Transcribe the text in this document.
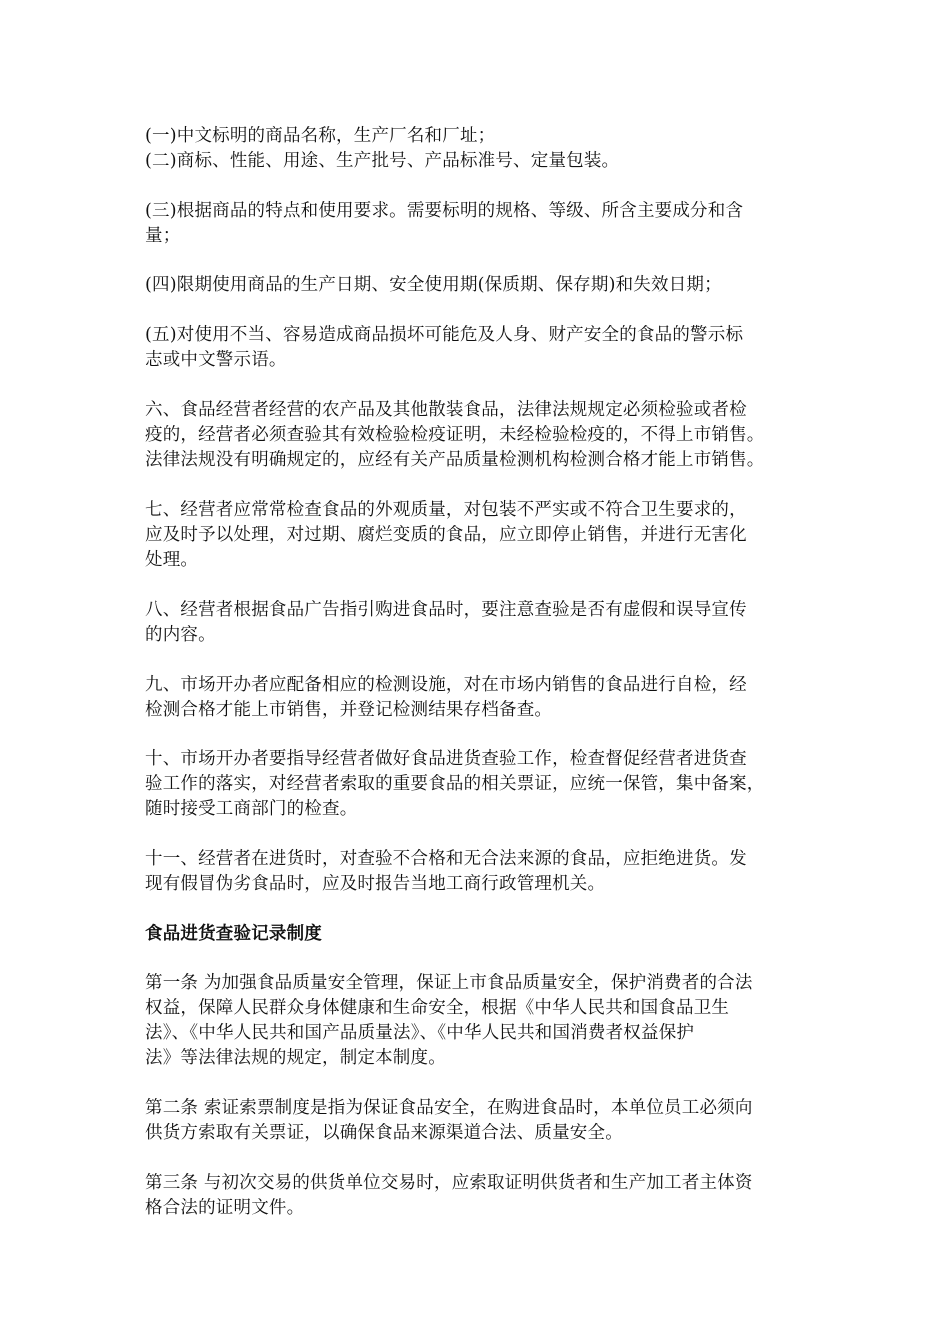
(一)中文标明的商品名称，生产厂名和厂址；
(二)商标、性能、用途、生产批号、产品标准号、定量包装。
(三)根据商品的特点和使用要求。需要标明的规格、等级、所含主要成分和含
量；
(四)限期使用商品的生产日期、安全使用期(保质期、保存期)和失效日期；
(五)对使用不当、容易造成商品损坏可能危及人身、财产安全的食品的警示标
志或中文警示语。
六、食品经营者经营的农产品及其他散装食品，法律法规规定必须检验或者检
疫的，经营者必须查验其有效检验检疫证明，未经检验检疫的，不得上市销售。
法律法规没有明确规定的，应经有关产品质量检测机构检测合格才能上市销售。
七、经营者应常常检查食品的外观质量，对包装不严实或不符合卫生要求的，
应及时予以处理，对过期、腐烂变质的食品，应立即停止销售，并进行无害化
处理。
八、经营者根据食品广告指引购进食品时，要注意查验是否有虚假和误导宣传
的内容。
九、市场开办者应配备相应的检测设施，对在市场内销售的食品进行自检，经
检测合格才能上市销售，并登记检测结果存档备查。
十、市场开办者要指导经营者做好食品进货查验工作，检查督促经营者进货查
验工作的落实，对经营者索取的重要食品的相关票证，应统一保管，集中备案，
随时接受工商部门的检查。
十一、经营者在进货时，对查验不合格和无合法来源的食品，应拒绝进货。发
现有假冒伪劣食品时，应及时报告当地工商行政管理机关。
食品进货查验记录制度
第一条 为加强食品质量安全管理，保证上市食品质量安全，保护消费者的合法
权益，保障人民群众身体健康和生命安全，根据《中华人民共和国食品卫生
法》、《中华人民共和国产品质量法》、《中华人民共和国消费者权益保护
法》等法律法规的规定，制定本制度。
第二条 索证索票制度是指为保证食品安全，在购进食品时，本单位员工必须向
供货方索取有关票证，以确保食品来源渠道合法、质量安全。
第三条 与初次交易的供货单位交易时，应索取证明供货者和生产加工者主体资
格合法的证明文件。
